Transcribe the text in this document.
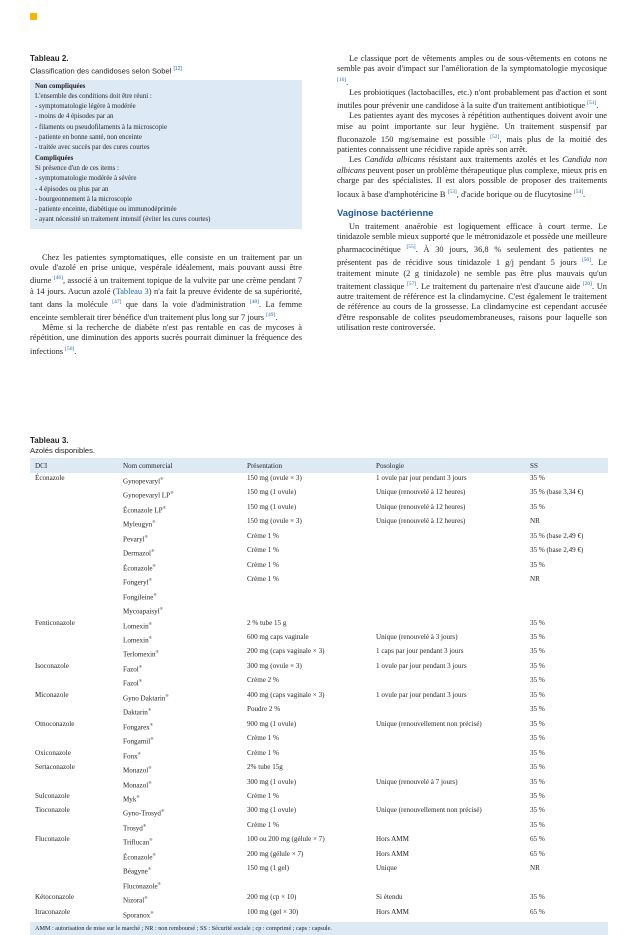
Tableau 2.
Classification des candidoses selon Sobel [12]
Non compliquées
L'ensemble des conditions doit être réuni :
- symptomatologie légère à modérée
- moins de 4 épisodes par an
- filaments ou pseudofilaments à la microscopie
- patiente en bonne santé, non enceinte
- traitée avec succès par des cures courtes
Compliquées
Si présence d'un de ces items :
- symptomatologie modérée à sévère
- 4 épisodes ou plus par an
- bourgeonnement à la microscopie
- patiente enceinte, diabétique ou immunodéprimée
- ayant nécessité un traitement intensif (éviter les cures courtes)

Chez les patientes symptomatiques, elle consiste en un traitement par un ovule d'azolé en prise unique, vespérale idéalement, mais pouvant aussi être diurne [46], associé à un traitement topique de la vulvite par une crème pendant 7 à 14 jours. Aucun azolé (Tableau 3) n'a fait la preuve évidente de sa supériorité, tant dans la molécule [47] que dans la voie d'administration [48]. La femme enceinte semblerait tirer bénéfice d'un traitement plus long sur 7 jours [49].

Même si la recherche de diabète n'est pas rentable en cas de mycoses à répétition, une diminution des apports sucrés pourrait diminuer la fréquence des infections [50].

Le classique port de vêtements amples ou de sous-vêtements en cotons ne semble pas avoir d'impact sur l'amélioration de la symptomatologie mycosique [16].

Les probiotiques (lactobacilles, etc.) n'ont probablement pas d'action et sont inutiles pour prévenir une candidose à la suite d'un traitement antibiotique [51].

Les patientes ayant des mycoses à répétition authentiques doivent avoir une mise au point importante sur leur hygiène. Un traitement suspensif par fluconazole 150 mg/semaine est possible [52], mais plus de la moitié des patientes connaissent une récidive rapide après son arrêt.

Les Candida albicans résistant aux traitements azolés et les Candida non albicans peuvent poser un problème thérapeutique plus complexe, mieux pris en charge par des spécialistes. Il est alors possible de proposer des traitements locaux à base d'amphotéricine B [53], d'acide borique ou de flucytosine [54].

Vaginose bactérienne

Un traitement anaérobie est logiquement efficace à court terme. Le tinidazole semble mieux supporté que le métronidazole et possède une meilleure pharmacocinétique [55]. À 30 jours, 36,8 % seulement des patientes ne présentent pas de récidive sous tinidazole 1 g/j pendant 5 jours [56]. Le traitement minute (2 g tinidazole) ne semble pas être plus mauvais qu'un traitement classique [57]. Le traitement du partenaire n'est d'aucune aide [20]. Un autre traitement de référence est la clindamycine. C'est également le traitement de référence au cours de la grossesse. La clindamycine est cependant accusée d'être responsable de colites pseudomembraneuses, raisons pour laquelle son utilisation reste controversée.

Tableau 3.
Azolés disponibles.
DCI	Nom commercial	Présentation	Posologie	SS
Éconazole	Gynopevaryl®	150 mg (ovule × 3)	1 ovule par jour pendant 3 jours	35 %
	Gynopevaryl LP®	150 mg (1 ovule)	Unique (renouvelé à 12 heures)	35 % (base 3,34 €)
	Éconazole LP®	150 mg (1 ovule)	Unique (renouvelé à 12 heures)	35 %
	Myleugyn®	150 mg (ovule × 3)	Unique (renouvelé à 12 heures)	NR
	Pevaryl®	Crème 1 %		35 % (base 2,49 €)
	Dermazol®	Crème 1 %		35 % (base 2,49 €)
	Éconazole®	Crème 1 %		35 %
	Fongeryl®	Crème 1 %		NR
	Fongileine®			
	Mycoapaisyl®			
Fenticonazole	Lomexin®	2 % tube 15 g		35 %
	Lomexin®	600 mg caps vaginale	Unique (renouvelé à 3 jours)	35 %
	Terlomexin®	200 mg (caps vaginale × 3)	1 caps par jour pendant 3 jours	35 %
Isoconazole	Fazol®	300 mg (ovule × 3)	1 ovule par jour pendant 3 jours	35 %
	Fazol®	Crème 2 %		35 %
Miconazole	Gyno Daktarin®	400 mg (caps vaginale × 3)	1 ovule par jour pendant 3 jours	35 %
	Daktarin®	Poudre 2 %		35 %
Omoconazole	Fongarex®	900 mg (1 ovule)	Unique (renouvellement non précisé)	35 %
	Fongamil®	Crème 1 %		35 %
Oxiconazole	Fonx®	Crème 1 %		35 %
Sertaconazole	Monazol®	2% tube 15g		35 %
	Monazol®	300 mg (1 ovule)	Unique (renouvelé à 7 jours)	35 %
Sulconazole	Myk®	Crème 1 %		35 %
Tioconazole	Gyno-Trosyd®	300 mg (1 ovule)	Unique (renouvellement non précisé)	35 %
	Trosyd®	Crème 1 %		35 %
Fluconazole	Triflucan®	100 ou 200 mg (gélule × 7)	Hors AMM	65 %
	Éconazole®	200 mg (gélule × 7)	Hors AMM	65 %
	Béagyne®	150 mg (1 gel)	Unique	NR
	Fluconazole®			
Kétoconazole	Nizoral®	200 mg (cp × 10)	Si étendu	35 %
Itraconazole	Sporanox®	100 mg (gel × 30)	Hors AMM	65 %
AMM : autorisation de mise sur le marché ; NR : non remboursé ; SS : Sécurité sociale ; cp : comprimé ; caps : capsule.
